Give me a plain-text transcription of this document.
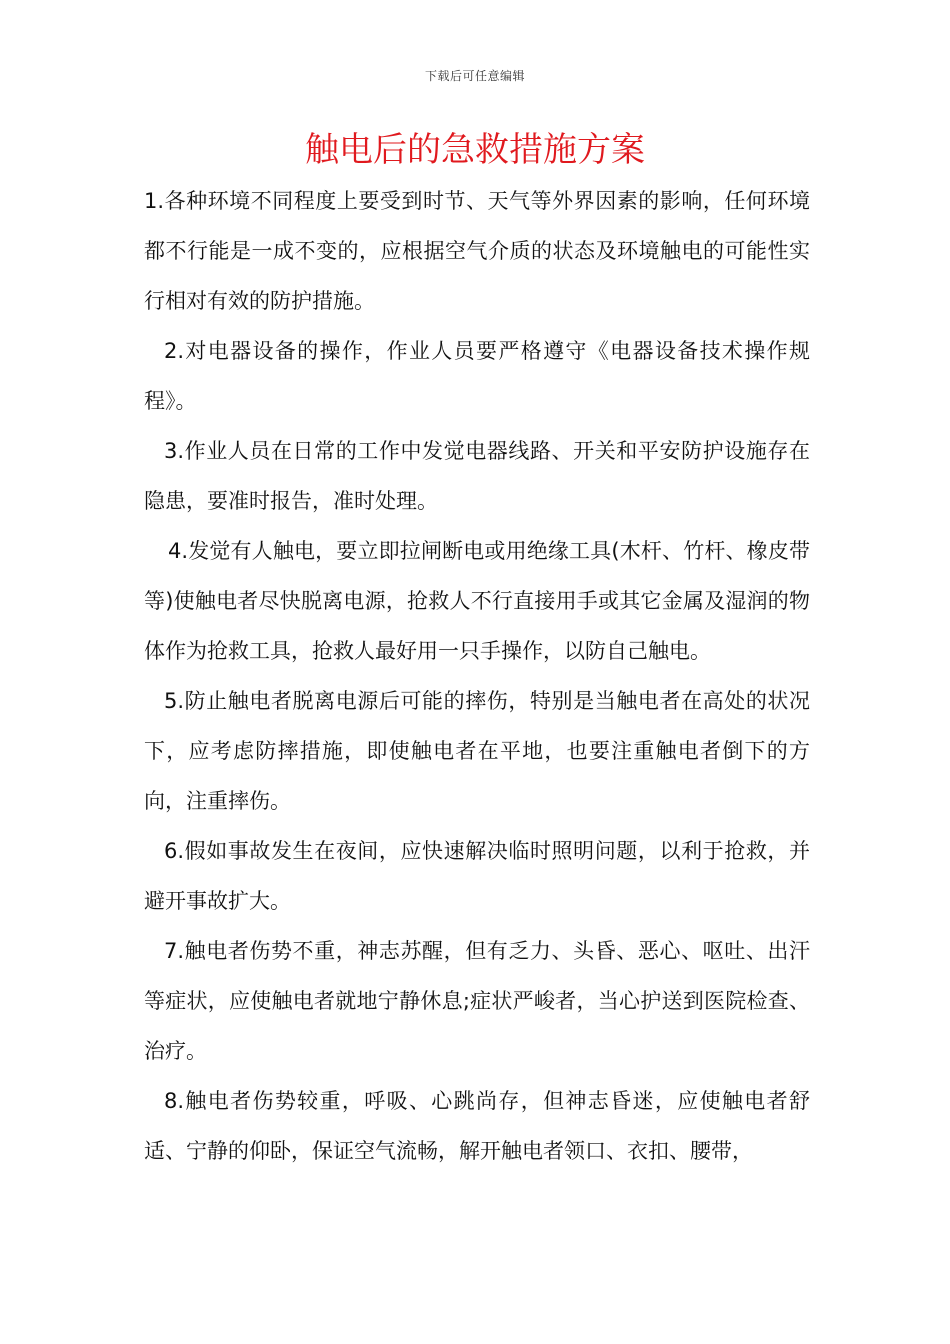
下载后可任意编辑
触电后的急救措施方案

1.各种环境不同程度上要受到时节、天气等外界因素的影响，任何环境都不行能是一成不变的，应根据空气介质的状态及环境触电的可能性实行相对有效的防护措施。

2.对电器设备的操作，作业人员要严格遵守《电器设备技术操作规程》。

3.作业人员在日常的工作中发觉电器线路、开关和平安防护设施存在隐患，要准时报告，准时处理。

4.发觉有人触电，要立即拉闸断电或用绝缘工具(木杆、竹杆、橡皮带等)使触电者尽快脱离电源，抢救人不行直接用手或其它金属及湿润的物体作为抢救工具，抢救人最好用一只手操作，以防自己触电。

5.防止触电者脱离电源后可能的摔伤，特别是当触电者在高处的状况下，应考虑防摔措施，即使触电者在平地，也要注重触电者倒下的方向，注重摔伤。

6.假如事故发生在夜间，应快速解决临时照明问题，以利于抢救，并避开事故扩大。

7.触电者伤势不重，神志苏醒，但有乏力、头昏、恶心、呕吐、出汗等症状，应使触电者就地宁静休息;症状严峻者，当心护送到医院检查、治疗。

8.触电者伤势较重，呼吸、心跳尚存，但神志昏迷，应使触电者舒适、宁静的仰卧，保证空气流畅，解开触电者领口、衣扣、腰带，
